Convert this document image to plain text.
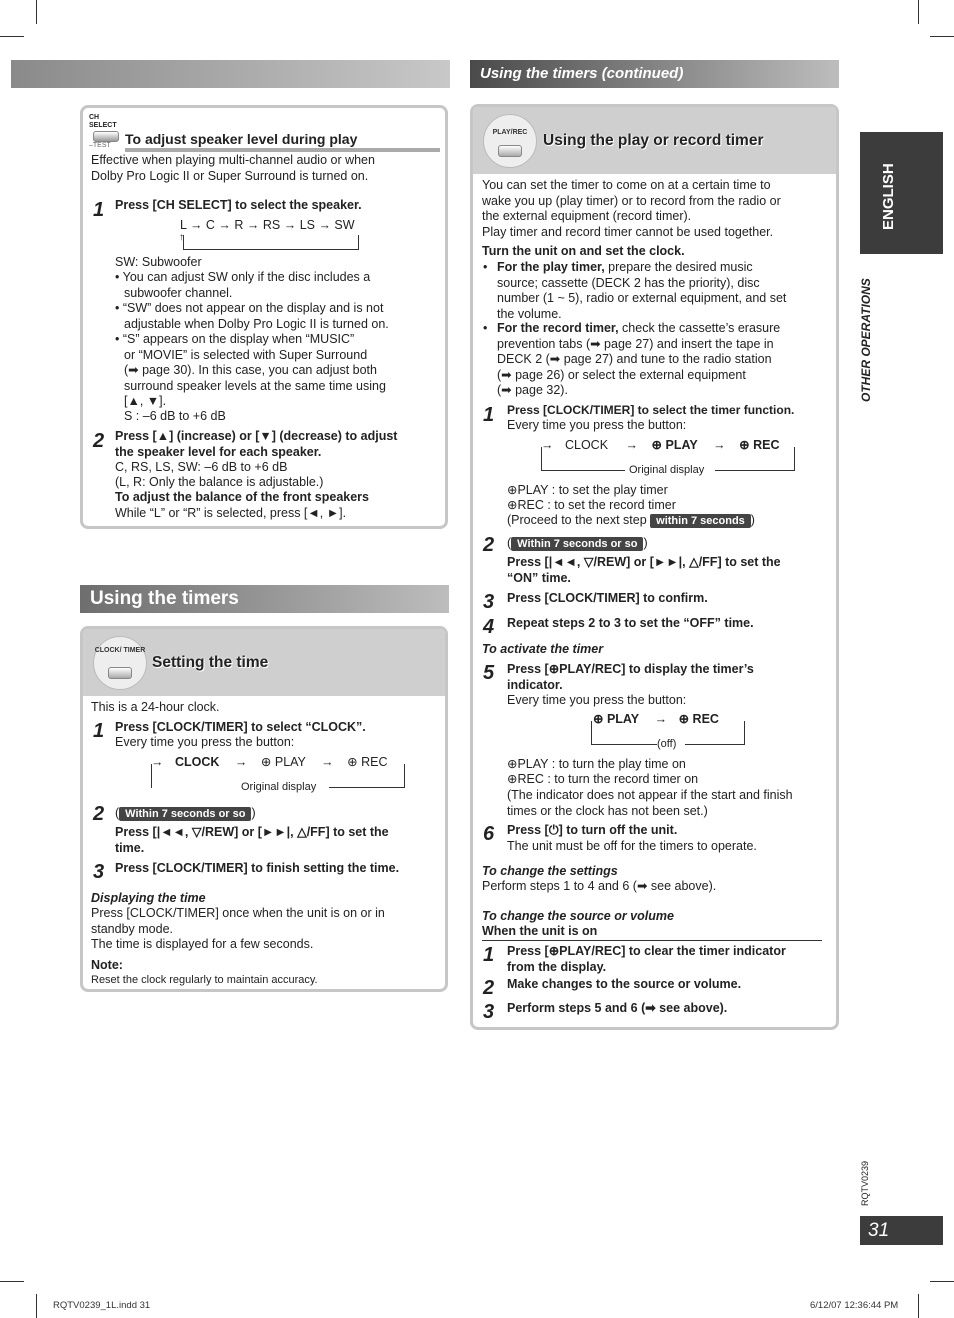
Using the timers (continued)
ENGLISH
OTHER OPERATIONS
CH SELECT
–TEST	To adjust speaker level during play
Effective when playing multi-channel audio or when
Dolby Pro Logic II or Super Surround is turned on.
1 Press [CH SELECT] to select the speaker.
L → C → R → RS → LS → SW
↑
SW: Subwoofer
• You can adjust SW only if the disc includes a
subwoofer channel.
• “SW” does not appear on the display and is not
adjustable when Dolby Pro Logic II is turned on.
• “S” appears on the display when “MUSIC”
or “MOVIE” is selected with Super Surround
(➡ page 30). In this case, you can adjust both
surround speaker levels at the same time using
[▲, ▼].
S : –6 dB to +6 dB
2 Press [▲] (increase) or [▼] (decrease) to adjust
the speaker level for each speaker.
C, RS, LS, SW: –6 dB to +6 dB
(L, R: Only the balance is adjustable.)
To adjust the balance of the front speakers
While “L” or “R” is selected, press [◄, ►].
Using the timers
CLOCK/ TIMER
Setting the time
This is a 24-hour clock.
1 Press [CLOCK/TIMER] to select “CLOCK”.
Every time you press the button:
→ CLOCK → ⊕ PLAY → ⊕ REC
Original display
2 ( Within 7 seconds or so )
Press [|◄◄, ▽/REW] or [►►|, △/FF] to set the
time.
3 Press [CLOCK/TIMER] to finish setting the time.
Displaying the time
Press [CLOCK/TIMER] once when the unit is on or in
standby mode.
The time is displayed for a few seconds.
Note:
Reset the clock regularly to maintain accuracy.
PLAY/REC	Using the play or record timer
You can set the timer to come on at a certain time to
wake you up (play timer) or to record from the radio or
the external equipment (record timer).
Play timer and record timer cannot be used together.
Turn the unit on and set the clock.
• For the play timer, prepare the desired music
source; cassette (DECK 2 has the priority), disc
number (1 ~ 5), radio or external equipment, and set
the volume.
• For the record timer, check the cassette’s erasure
prevention tabs (➡ page 27) and insert the tape in
DECK 2 (➡ page 27) and tune to the radio station
(➡ page 26) or select the external equipment
(➡ page 32).
1 Press [CLOCK/TIMER] to select the timer function.
Every time you press the button:
→ CLOCK → ⊕ PLAY → ⊕ REC
Original display
⊕PLAY : to set the play timer
⊕REC : to set the record timer
(Proceed to the next step within 7 seconds )
2 ( Within 7 seconds or so )
Press [|◄◄, ▽/REW] or [►►|, △/FF] to set the
“ON” time.
3 Press [CLOCK/TIMER] to confirm.
4 Repeat steps 2 to 3 to set the “OFF” time.
To activate the timer
5 Press [⊕PLAY/REC] to display the timer’s
indicator.
Every time you press the button:
⊕ PLAY → ⊕ REC
(off)
⊕PLAY : to turn the play time on
⊕REC : to turn the record timer on
(The indicator does not appear if the start and finish
times or the clock has not been set.)
6 Press [⏻] to turn off the unit.
The unit must be off for the timers to operate.
To change the settings
Perform steps 1 to 4 and 6 (➡ see above).
To change the source or volume
When the unit is on
1 Press [⊕PLAY/REC] to clear the timer indicator
from the display.
2 Make changes to the source or volume.
3 Perform steps 5 and 6 (➡ see above).
RQTV0239
31
RQTV0239_1L.indd 31	6/12/07 12:36:44 PM
